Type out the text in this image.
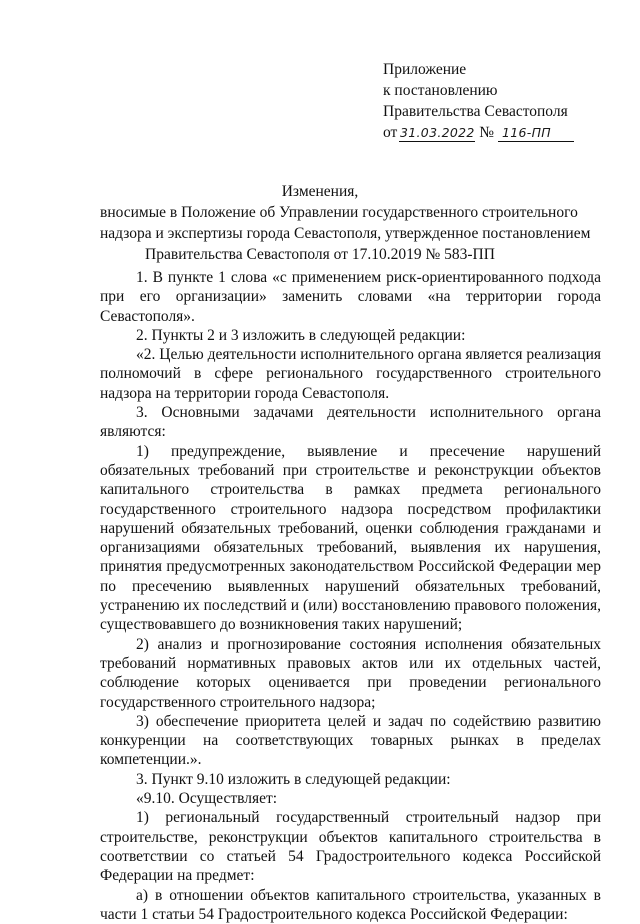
Приложение
к постановлению
Правительства Севастополя
от 31.03.2022 № 116-ПП
Изменения,
вносимые в Положение об Управлении государственного строительного
надзора и экспертизы города Севастополя, утвержденное постановлением
Правительства Севастополя от 17.10.2019 № 583-ПП

1. В пункте 1 слова «с применением риск-ориентированного подхода при его организации» заменить словами «на территории города Севастополя».

2. Пункты 2 и 3 изложить в следующей редакции:

«2. Целью деятельности исполнительного органа является реализация полномочий в сфере регионального государственного строительного надзора на территории города Севастополя.

3. Основными задачами деятельности исполнительного органа являются:

1) предупреждение, выявление и пресечение нарушений обязательных требований при строительстве и реконструкции объектов капитального строительства в рамках предмета регионального государственного строительного надзора посредством профилактики нарушений обязательных требований, оценки соблюдения гражданами и организациями обязательных требований, выявления их нарушения, принятия предусмотренных законодательством Российской Федерации мер по пресечению выявленных нарушений обязательных требований, устранению их последствий и (или) восстановлению правового положения, существовавшего до возникновения таких нарушений;

2) анализ и прогнозирование состояния исполнения обязательных требований нормативных правовых актов или их отдельных частей, соблюдение которых оценивается при проведении регионального государственного строительного надзора;

3) обеспечение приоритета целей и задач по содействию развитию конкуренции на соответствующих товарных рынках в пределах компетенции.».

3. Пункт 9.10 изложить в следующей редакции:

«9.10. Осуществляет:

1) региональный государственный строительный надзор при строительстве, реконструкции объектов капитального строительства в соответствии со статьей 54 Градостроительного кодекса Российской Федерации на предмет:

а) в отношении объектов капитального строительства, указанных в части 1 статьи 54 Градостроительного кодекса Российской Федерации:
